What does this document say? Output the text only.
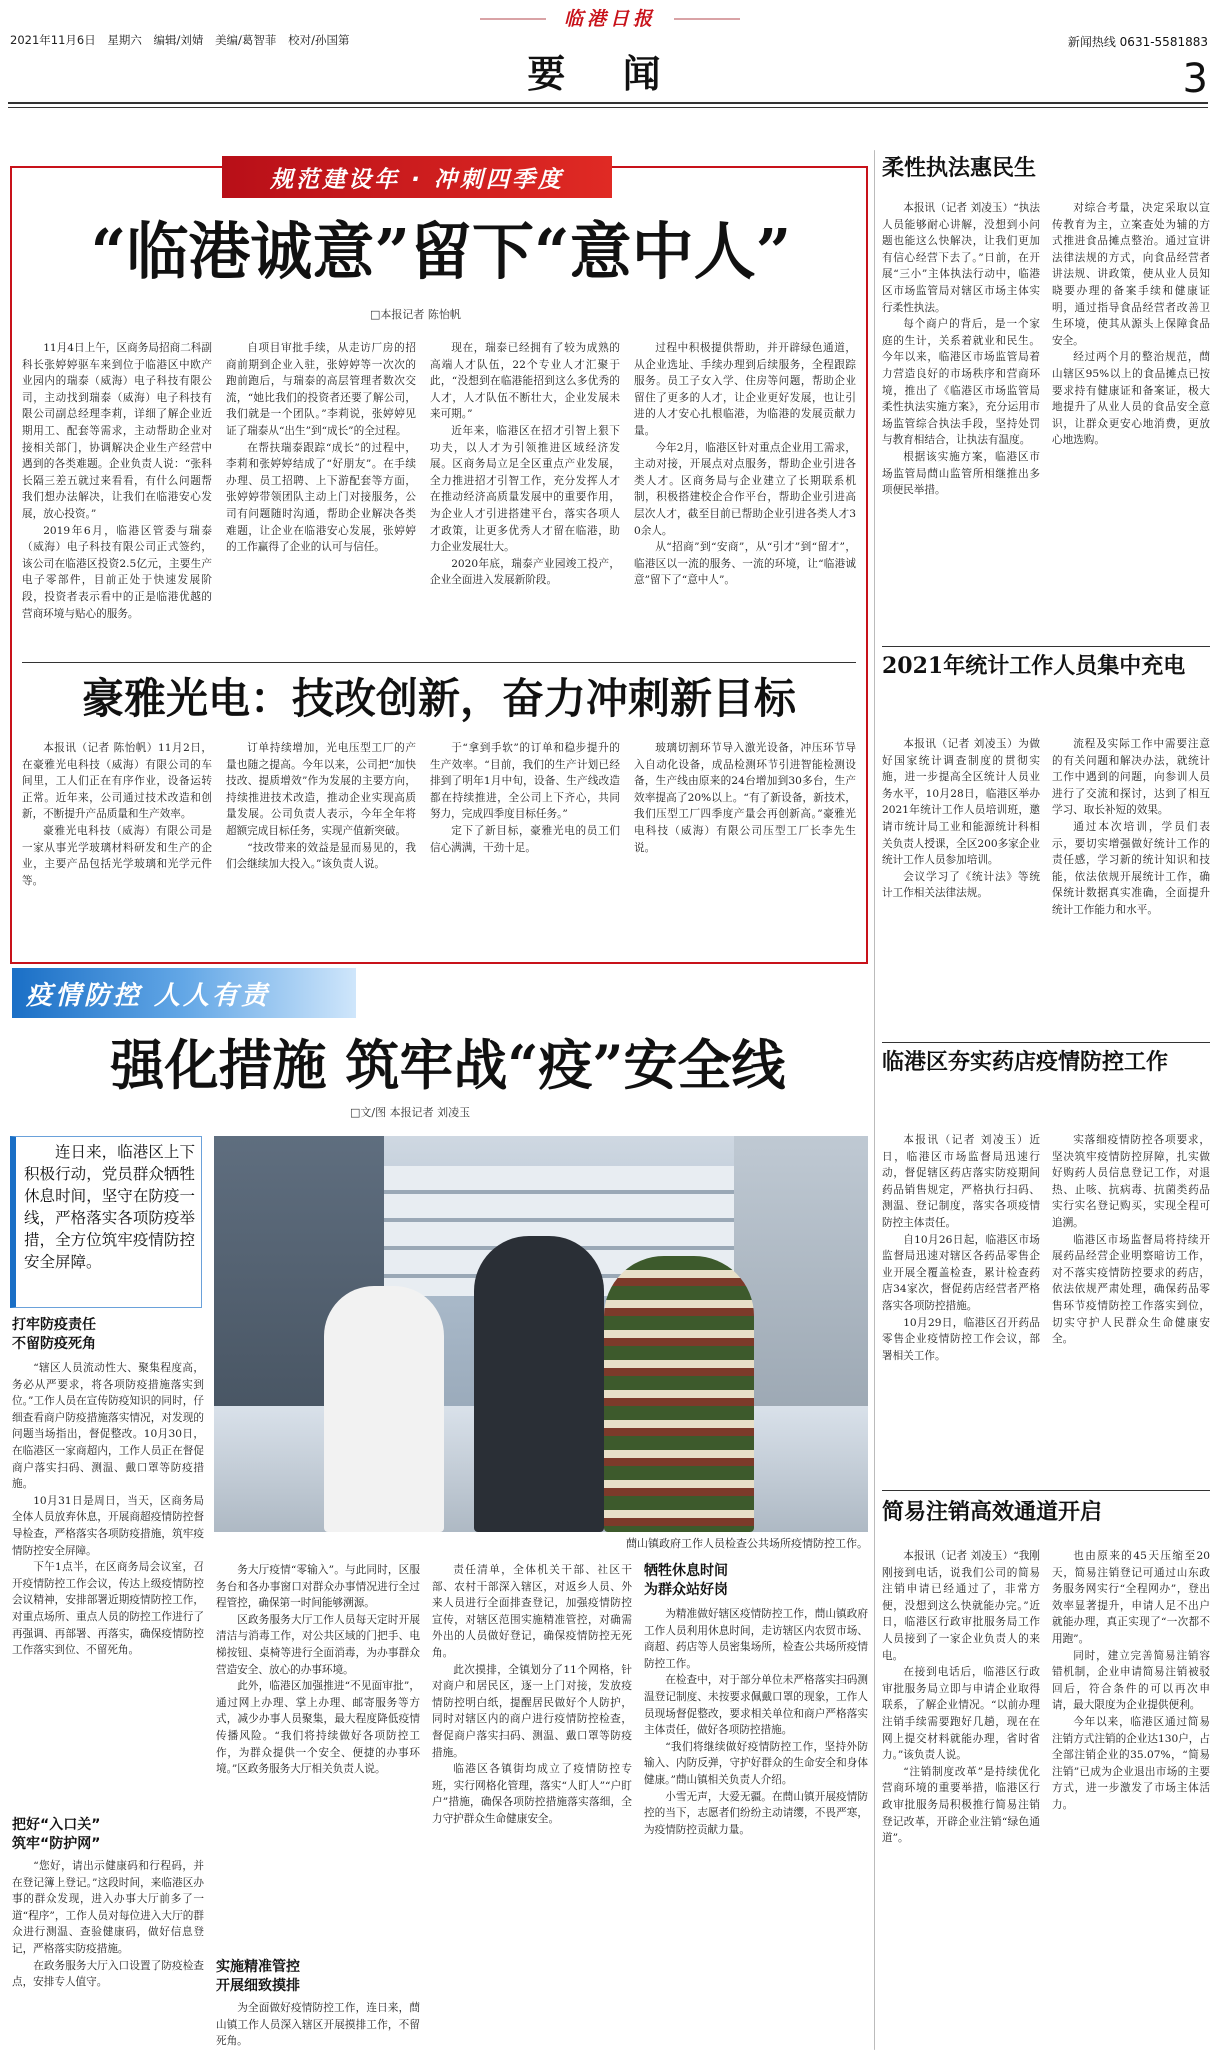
2021年11月6日 星期六 编辑/刘婧 美编/葛智菲 校对/孙国第
临港日报
要 闻
新闻热线 0631-5581883
3
规范建设年 · 冲刺四季度
“临港诚意”留下“意中人”
□本报记者 陈怡帆

11月4日上午，区商务局招商二科副科长张婷婷驱车来到位于临港区中欧产业园内的瑞泰（威海）电子科技有限公司，主动找到瑞泰（威海）电子科技有限公司副总经理李莉，详细了解企业近期用工、配套等需求，主动帮助企业对接相关部门，协调解决企业生产经营中遇到的各类难题。企业负责人说：“张科长隔三差五就过来看看，有什么问题帮我们想办法解决，让我们在临港安心发展，放心投资。”

2019年6月，临港区管委与瑞泰（威海）电子科技有限公司正式签约，该公司在临港区投资2.5亿元，主要生产电子零部件，目前正处于快速发展阶段，投资者表示看中的正是临港优越的营商环境与贴心的服务。

自项目审批手续，从走访厂房的招商前期到企业入驻，张婷婷等一次次的跑前跑后，与瑞泰的高层管理者数次交流，“她比我们的投资者还要了解公司，我们就是一个团队。”李莉说，张婷婷见证了瑞泰从“出生”到“成长”的全过程。

在帮扶瑞泰跟踪“成长”的过程中，李莉和张婷婷结成了“好朋友”。在手续办理、员工招聘、上下游配套等方面，张婷婷带领团队主动上门对接服务，公司有问题随时沟通，帮助企业解决各类难题，让企业在临港安心发展，张婷婷的工作赢得了企业的认可与信任。

现在，瑞泰已经拥有了较为成熟的高端人才队伍，22个专业人才汇聚于此，“没想到在临港能招到这么多优秀的人才，人才队伍不断壮大，企业发展未来可期。”

近年来，临港区在招才引智上狠下功夫，以人才为引领推进区域经济发展。区商务局立足全区重点产业发展，全力推进招才引智工作，充分发挥人才在推动经济高质量发展中的重要作用，为企业人才引进搭建平台，落实各项人才政策，让更多优秀人才留在临港，助力企业发展壮大。

2020年底，瑞泰产业园竣工投产，企业全面进入发展新阶段。

过程中积极提供帮助，并开辟绿色通道，从企业选址、手续办理到后续服务，全程跟踪服务。员工子女入学、住房等问题，帮助企业留住了更多的人才，让企业更好发展，也让引进的人才安心扎根临港，为临港的发展贡献力量。

今年2月，临港区针对重点企业用工需求，主动对接，开展点对点服务，帮助企业引进各类人才。区商务局与企业建立了长期联系机制，积极搭建校企合作平台，帮助企业引进高层次人才，截至目前已帮助企业引进各类人才30余人。

从“招商”到“安商”，从“引才”到“留才”，临港区以一流的服务、一流的环境，让“临港诚意”留下了“意中人”。

豪雅光电：技改创新，奋力冲刺新目标

本报讯（记者 陈怡帆）11月2日，在豪雅光电科技（威海）有限公司的车间里，工人们正在有序作业，设备运转正常。近年来，公司通过技术改造和创新，不断提升产品质量和生产效率。

豪雅光电科技（威海）有限公司是一家从事光学玻璃材料研发和生产的企业，主要产品包括光学玻璃和光学元件等。

订单持续增加，光电压型工厂的产量也随之提高。今年以来，公司把“加快技改、提质增效”作为发展的主要方向，持续推进技术改造，推动企业实现高质量发展。公司负责人表示，今年全年将超额完成目标任务，实现产值新突破。

“技改带来的效益是显而易见的，我们会继续加大投入。”该负责人说。

于“拿到手软”的订单和稳步提升的生产效率。“目前，我们的生产计划已经排到了明年1月中旬，设备、生产线改造都在持续推进，全公司上下齐心，共同努力，完成四季度目标任务。”

定下了新目标，豪雅光电的员工们信心满满，干劲十足。

玻璃切割环节导入激光设备，冲压环节导入自动化设备，成品检测环节引进智能检测设备，生产线由原来的24台增加到30多台，生产效率提高了20%以上。“有了新设备，新技术，我们压型工厂四季度产量会再创新高。”豪雅光电科技（威海）有限公司压型工厂长李先生说。

疫情防控 人人有责
强化措施 筑牢战“疫”安全线
□文/图 本报记者 刘凌玉
连日来，临港区上下积极行动，党员群众牺牲休息时间，坚守在防疫一线，严格落实各项防疫举措，全方位筑牢疫情防控安全屏障。
打牢防疫责任
不留防疫死角

“辖区人员流动性大、聚集程度高，务必从严要求，将各项防疫措施落实到位。”工作人员在宣传防疫知识的同时，仔细查看商户防疫措施落实情况，对发现的问题当场指出，督促整改。10月30日，在临港区一家商超内，工作人员正在督促商户落实扫码、测温、戴口罩等防疫措施。

10月31日是周日，当天，区商务局全体人员放弃休息，开展商超疫情防控督导检查，严格落实各项防疫措施，筑牢疫情防控安全屏障。

下午1点半，在区商务局会议室，召开疫情防控工作会议，传达上级疫情防控会议精神，安排部署近期疫情防控工作，对重点场所、重点人员的防控工作进行了再强调、再部署、再落实，确保疫情防控工作落实到位、不留死角。

蔄山镇政府工作人员检查公共场所疫情防控工作。
把好“入口关”
筑牢“防护网”

“您好，请出示健康码和行程码，并在登记簿上登记。”这段时间，来临港区办事的群众发现，进入办事大厅前多了一道“程序”，工作人员对每位进入大厅的群众进行测温、查验健康码，做好信息登记，严格落实防疫措施。

在政务服务大厅入口设置了防疫检查点，安排专人值守。

务大厅疫情“零输入”。与此同时，区服务台和各办事窗口对群众办事情况进行全过程管控，确保第一时间能够溯源。

区政务服务大厅工作人员每天定时开展清洁与消毒工作，对公共区域的门把手、电梯按钮、桌椅等进行全面消毒，为办事群众营造安全、放心的办事环境。

此外，临港区加强推进“不见面审批”，通过网上办理、掌上办理、邮寄服务等方式，减少办事人员聚集，最大程度降低疫情传播风险。“我们将持续做好各项防控工作，为群众提供一个安全、便捷的办事环境。”区政务服务大厅相关负责人说。

实施精准管控
开展细致摸排

为全面做好疫情防控工作，连日来，蔄山镇工作人员深入辖区开展摸排工作，不留死角。

责任清单，全体机关干部、社区干部、农村干部深入辖区，对返乡人员、外来人员进行全面排查登记，加强疫情防控宣传，对辖区范围实施精准管控，对确需外出的人员做好登记，确保疫情防控无死角。

此次摸排，全镇划分了11个网格，针对商户和居民区，逐一上门对接，发放疫情防控明白纸，提醒居民做好个人防护，同时对辖区内的商户进行疫情防控检查，督促商户落实扫码、测温、戴口罩等防疫措施。

临港区各镇街均成立了疫情防控专班，实行网格化管理，落实“人盯人”“户盯户”措施，确保各项防控措施落实落细，全力守护群众生命健康安全。

牺牲休息时间
为群众站好岗

为精准做好辖区疫情防控工作，蔄山镇政府工作人员利用休息时间，走访辖区内农贸市场、商超、药店等人员密集场所，检查公共场所疫情防控工作。

在检查中，对于部分单位未严格落实扫码测温登记制度、未按要求佩戴口罩的现象，工作人员现场督促整改，要求相关单位和商户严格落实主体责任，做好各项防控措施。

“我们将继续做好疫情防控工作，坚持外防输入、内防反弹，守护好群众的生命安全和身体健康。”蔄山镇相关负责人介绍。

小雪无声，大爱无疆。在蔄山镇开展疫情防控的当下，志愿者们纷纷主动请缨，不畏严寒，为疫情防控贡献力量。

柔性执法惠民生

本报讯（记者 刘凌玉）“执法人员能够耐心讲解，没想到小问题也能这么快解决，让我们更加有信心经营下去了。”日前，在开展“三小”主体执法行动中，临港区市场监管局对辖区市场主体实行柔性执法。

每个商户的背后，是一个家庭的生计，关系着就业和民生。今年以来，临港区市场监管局着力营造良好的市场秩序和营商环境，推出了《临港区市场监管局柔性执法实施方案》，充分运用市场监管综合执法手段，坚持处罚与教育相结合，让执法有温度。

根据该实施方案，临港区市场监管局蔄山监管所相继推出多项便民举措。

对综合考量，决定采取以宣传教育为主，立案查处为辅的方式推进食品摊点整治。通过宣讲法律法规的方式，向食品经营者讲法规、讲政策，使从业人员知晓要办理的备案手续和健康证明，通过指导食品经营者改善卫生环境，使其从源头上保障食品安全。

经过两个月的整治规范，蔄山辖区95%以上的食品摊点已按要求持有健康证和备案证，极大地提升了从业人员的食品安全意识，让群众更安心地消费，更放心地选购。

2021年统计工作人员集中充电

本报讯（记者 刘凌玉）为做好国家统计调查制度的贯彻实施，进一步提高全区统计人员业务水平，10月28日，临港区举办2021年统计工作人员培训班，邀请市统计局工业和能源统计科相关负责人授课，全区200多家企业统计工作人员参加培训。

会议学习了《统计法》等统计工作相关法律法规。

流程及实际工作中需要注意的有关问题和解决办法，就统计工作中遇到的问题，向参训人员进行了交流和探讨，达到了相互学习、取长补短的效果。

通过本次培训，学员们表示，要切实增强做好统计工作的责任感，学习新的统计知识和技能，依法依规开展统计工作，确保统计数据真实准确，全面提升统计工作能力和水平。

临港区夯实药店疫情防控工作

本报讯（记者 刘凌玉）近日，临港区市场监督局迅速行动，督促辖区药店落实防疫期间药品销售规定，严格执行扫码、测温、登记制度，落实各项疫情防控主体责任。

自10月26日起，临港区市场监督局迅速对辖区各药品零售企业开展全覆盖检查，累计检查药店34家次，督促药店经营者严格落实各项防控措施。

10月29日，临港区召开药品零售企业疫情防控工作会议，部署相关工作。

实落细疫情防控各项要求，坚决筑牢疫情防控屏障，扎实做好购药人员信息登记工作，对退热、止咳、抗病毒、抗菌类药品实行实名登记购买，实现全程可追溯。

临港区市场监督局将持续开展药品经营企业明察暗访工作，对不落实疫情防控要求的药店，依法依规严肃处理，确保药品零售环节疫情防控工作落实到位，切实守护人民群众生命健康安全。

简易注销高效通道开启

本报讯（记者 刘凌玉）“我刚刚接到电话，说我们公司的简易注销申请已经通过了，非常方便，没想到这么快就能办完。”近日，临港区行政审批服务局工作人员接到了一家企业负责人的来电。

在接到电话后，临港区行政审批服务局立即与申请企业取得联系，了解企业情况。“以前办理注销手续需要跑好几趟，现在在网上提交材料就能办理，省时省力。”该负责人说。

“注销制度改革”是持续优化营商环境的重要举措，临港区行政审批服务局积极推行简易注销登记改革，开辟企业注销“绿色通道”。

也由原来的45天压缩至20天，简易注销登记可通过山东政务服务网实行“全程网办”，登出效率显著提升，申请人足不出户就能办理，真正实现了“一次都不用跑”。

同时，建立完善简易注销容错机制，企业申请简易注销被驳回后，符合条件的可以再次申请，最大限度为企业提供便利。

今年以来，临港区通过简易注销方式注销的企业达130户，占全部注销企业的35.07%，“简易注销”已成为企业退出市场的主要方式，进一步激发了市场主体活力。
